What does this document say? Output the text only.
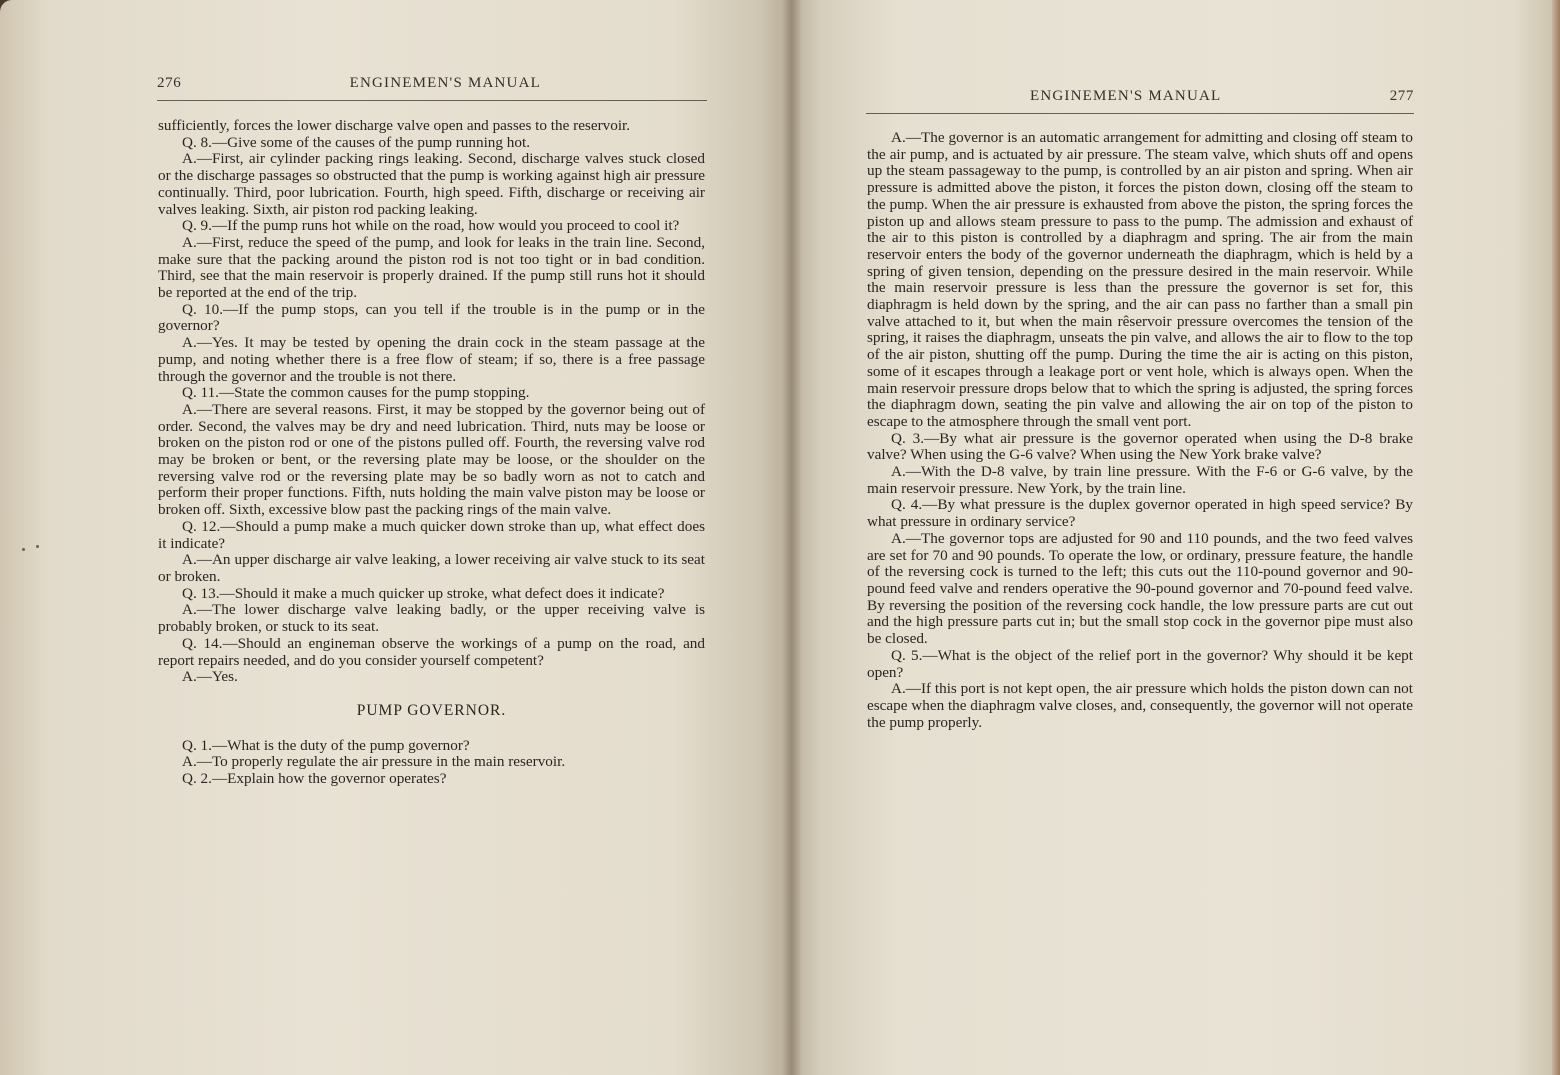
276	ENGINEMEN'S MANUAL

sufficiently, forces the lower discharge valve open and passes to the reservoir.

Q. 8.—Give some of the causes of the pump running hot.

A.—First, air cylinder packing rings leaking. Second, discharge valves stuck closed or the discharge passages so obstructed that the pump is working against high air pressure continually. Third, poor lubrication. Fourth, high speed. Fifth, discharge or receiving air valves leaking. Sixth, air piston rod packing leaking.

Q. 9.—If the pump runs hot while on the road, how would you proceed to cool it?

A.—First, reduce the speed of the pump, and look for leaks in the train line. Second, make sure that the packing around the piston rod is not too tight or in bad condition. Third, see that the main reservoir is properly drained. If the pump still runs hot it should be reported at the end of the trip.

Q. 10.—If the pump stops, can you tell if the trouble is in the pump or in the governor?

A.—Yes. It may be tested by opening the drain cock in the steam passage at the pump, and noting whether there is a free flow of steam; if so, there is a free passage through the governor and the trouble is not there.

Q. 11.—State the common causes for the pump stopping.

A.—There are several reasons. First, it may be stopped by the governor being out of order. Second, the valves may be dry and need lubrication. Third, nuts may be loose or broken on the piston rod or one of the pistons pulled off. Fourth, the reversing valve rod may be broken or bent, or the reversing plate may be loose, or the shoulder on the reversing valve rod or the reversing plate may be so badly worn as not to catch and perform their proper functions. Fifth, nuts holding the main valve piston may be loose or broken off. Sixth, excessive blow past the packing rings of the main valve.

Q. 12.—Should a pump make a much quicker down stroke than up, what effect does it indicate?

A.—An upper discharge air valve leaking, a lower receiving air valve stuck to its seat or broken.

Q. 13.—Should it make a much quicker up stroke, what defect does it indicate?

A.—The lower discharge valve leaking badly, or the upper receiving valve is probably broken, or stuck to its seat.

Q. 14.—Should an engineman observe the workings of a pump on the road, and report repairs needed, and do you consider yourself competent?

A.—Yes.

PUMP GOVERNOR.

Q. 1.—What is the duty of the pump governor?

A.—To properly regulate the air pressure in the main reservoir.

Q. 2.—Explain how the governor operates?

ENGINEMEN'S MANUAL	277

A.—The governor is an automatic arrangement for admitting and closing off steam to the air pump, and is actuated by air pressure. The steam valve, which shuts off and opens up the steam passageway to the pump, is controlled by an air piston and spring. When air pressure is admitted above the piston, it forces the piston down, closing off the steam to the pump. When the air pressure is exhausted from above the piston, the spring forces the piston up and allows steam pressure to pass to the pump. The admission and exhaust of the air to this piston is controlled by a diaphragm and spring. The air from the main reservoir enters the body of the governor underneath the diaphragm, which is held by a spring of given tension, depending on the pressure desired in the main reservoir. While the main reservoir pressure is less than the pressure the governor is set for, this diaphragm is held down by the spring, and the air can pass no farther than a small pin valve attached to it, but when the main rêservoir pressure overcomes the tension of the spring, it raises the diaphragm, unseats the pin valve, and allows the air to flow to the top of the air piston, shutting off the pump. During the time the air is acting on this piston, some of it escapes through a leakage port or vent hole, which is always open. When the main reservoir pressure drops below that to which the spring is adjusted, the spring forces the diaphragm down, seating the pin valve and allowing the air on top of the piston to escape to the atmosphere through the small vent port.

Q. 3.—By what air pressure is the governor operated when using the D-8 brake valve? When using the G-6 valve? When using the New York brake valve?

A.—With the D-8 valve, by train line pressure. With the F-6 or G-6 valve, by the main reservoir pressure. New York, by the train line.

Q. 4.—By what pressure is the duplex governor operated in high speed service? By what pressure in ordinary service?

A.—The governor tops are adjusted for 90 and 110 pounds, and the two feed valves are set for 70 and 90 pounds. To operate the low, or ordinary, pressure feature, the handle of the reversing cock is turned to the left; this cuts out the 110-pound governor and 90-pound feed valve and renders operative the 90-pound governor and 70-pound feed valve. By reversing the position of the reversing cock handle, the low pressure parts are cut out and the high pressure parts cut in; but the small stop cock in the governor pipe must also be closed.

Q. 5.—What is the object of the relief port in the governor? Why should it be kept open?

A.—If this port is not kept open, the air pressure which holds the piston down can not escape when the diaphragm valve closes, and, consequently, the governor will not operate the pump properly.
